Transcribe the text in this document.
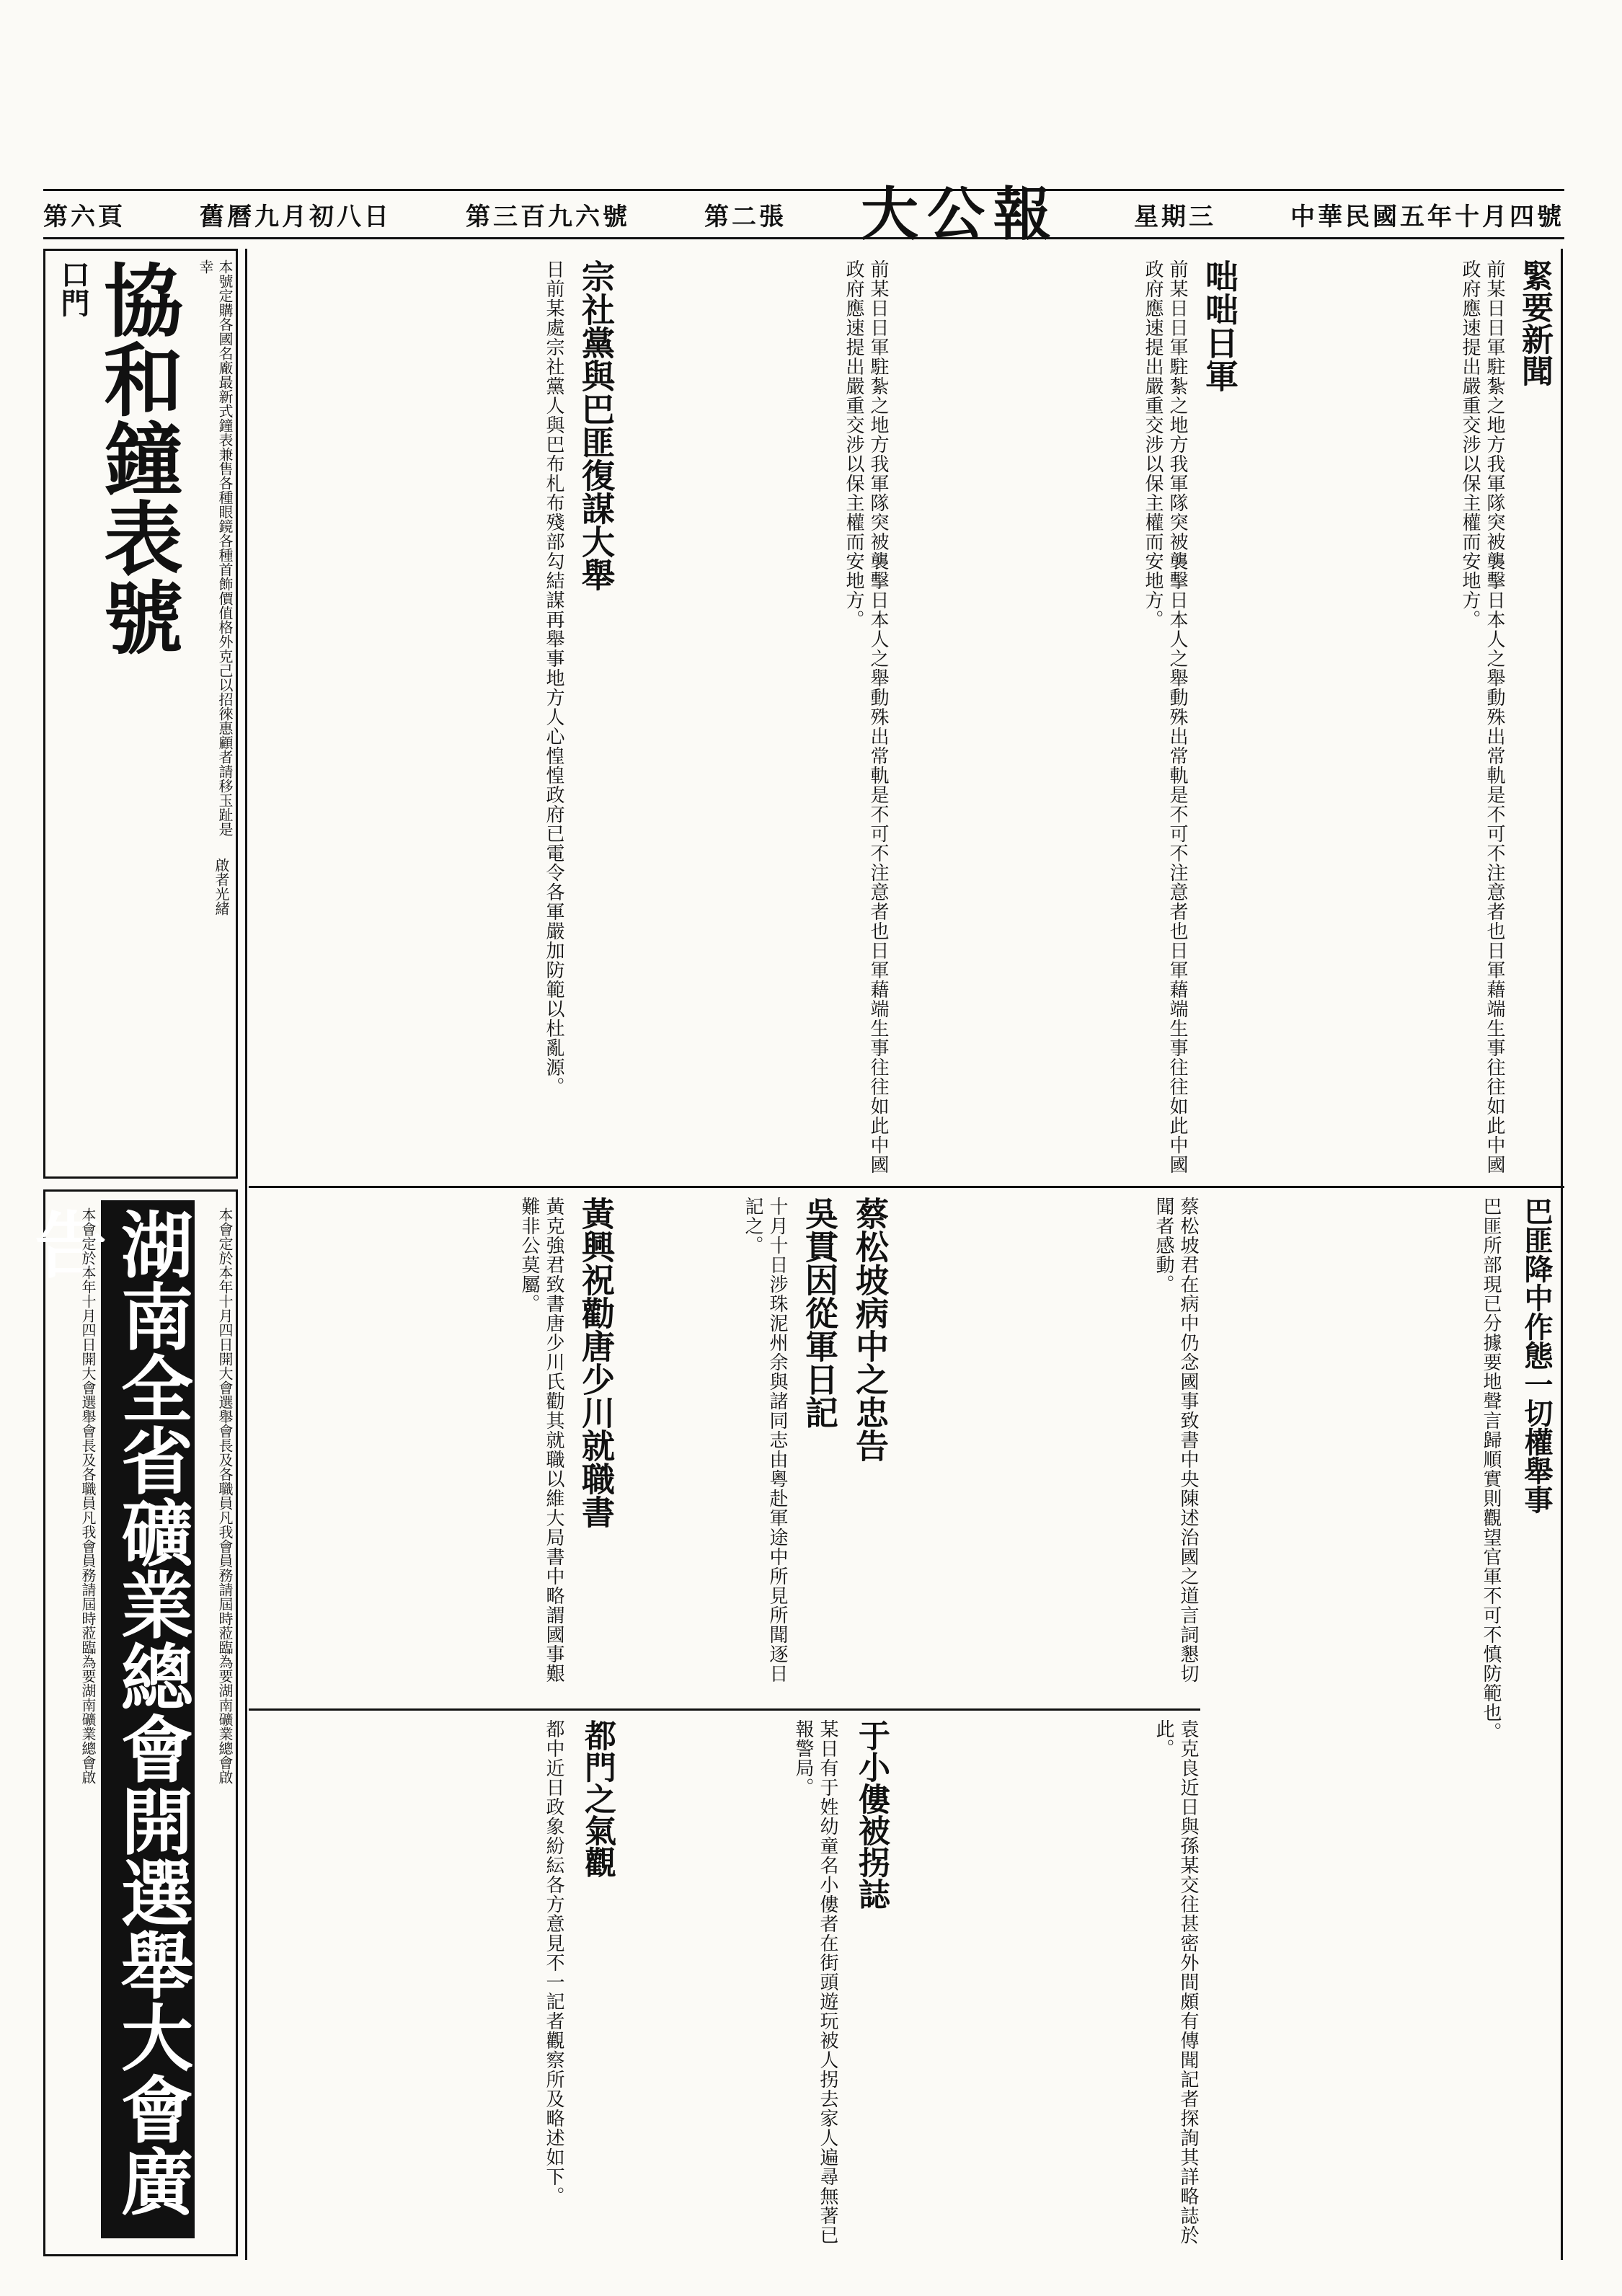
第六頁	舊曆九月初八日	第三百九六號	第二張 大公報	星期三	中華民國五年十月四號
口門 協和鐘表號	本號定購各國名廠最新式鐘表兼售各種眼鏡各種首飾價值格外克己以招徠惠顧者請移玉趾是幸
啟者光緒
湖南全省礦業總會開選舉大會廣告
本會定於本年十月四日開大會選舉會長及各職員凡我會員務請屆時蒞臨為要湖南礦業總會啟	本會定於本年十月四日開大會選舉會長及各職員凡我會員務請屆時蒞臨為要湖南礦業總會啟
緊要新聞
前某日日軍駐紮之地方我軍隊突被襲擊日本人之舉動殊出常軌是不可不注意者也日軍藉端生事往往如此中國政府應速提出嚴重交涉以保主權而安地方。
咄咄日軍
前某日日軍駐紮之地方我軍隊突被襲擊日本人之舉動殊出常軌是不可不注意者也日軍藉端生事往往如此中國政府應速提出嚴重交涉以保主權而安地方。
前某日日軍駐紮之地方我軍隊突被襲擊日本人之舉動殊出常軌是不可不注意者也日軍藉端生事往往如此中國政府應速提出嚴重交涉以保主權而安地方。
宗社黨與巴匪復謀大舉
日前某處宗社黨人與巴布札布殘部勾結謀再舉事地方人心惶惶政府已電令各軍嚴加防範以杜亂源。
巴匪降中作態一切權舉事
巴匪所部現已分據要地聲言歸順實則觀望官軍不可不慎防範也。
蔡松坡君在病中仍念國事致書中央陳述治國之道言詞懇切聞者感動。
蔡松坡病中之忠告
吳貫因從軍日記
十月十日涉珠泥州余與諸同志由粵赴軍途中所見所聞逐日記之。
黃興祝勸唐少川就職書
黃克強君致書唐少川氏勸其就職以維大局書中略謂國事艱難非公莫屬。
袁克良近日與孫某交往甚密外間頗有傳聞記者探詢其詳略誌於此。
于小僂被拐誌
某日有于姓幼童名小僂者在街頭遊玩被人拐去家人遍尋無著已報警局。
都門之氣觀
都中近日政象紛紜各方意見不一記者觀察所及略述如下。
